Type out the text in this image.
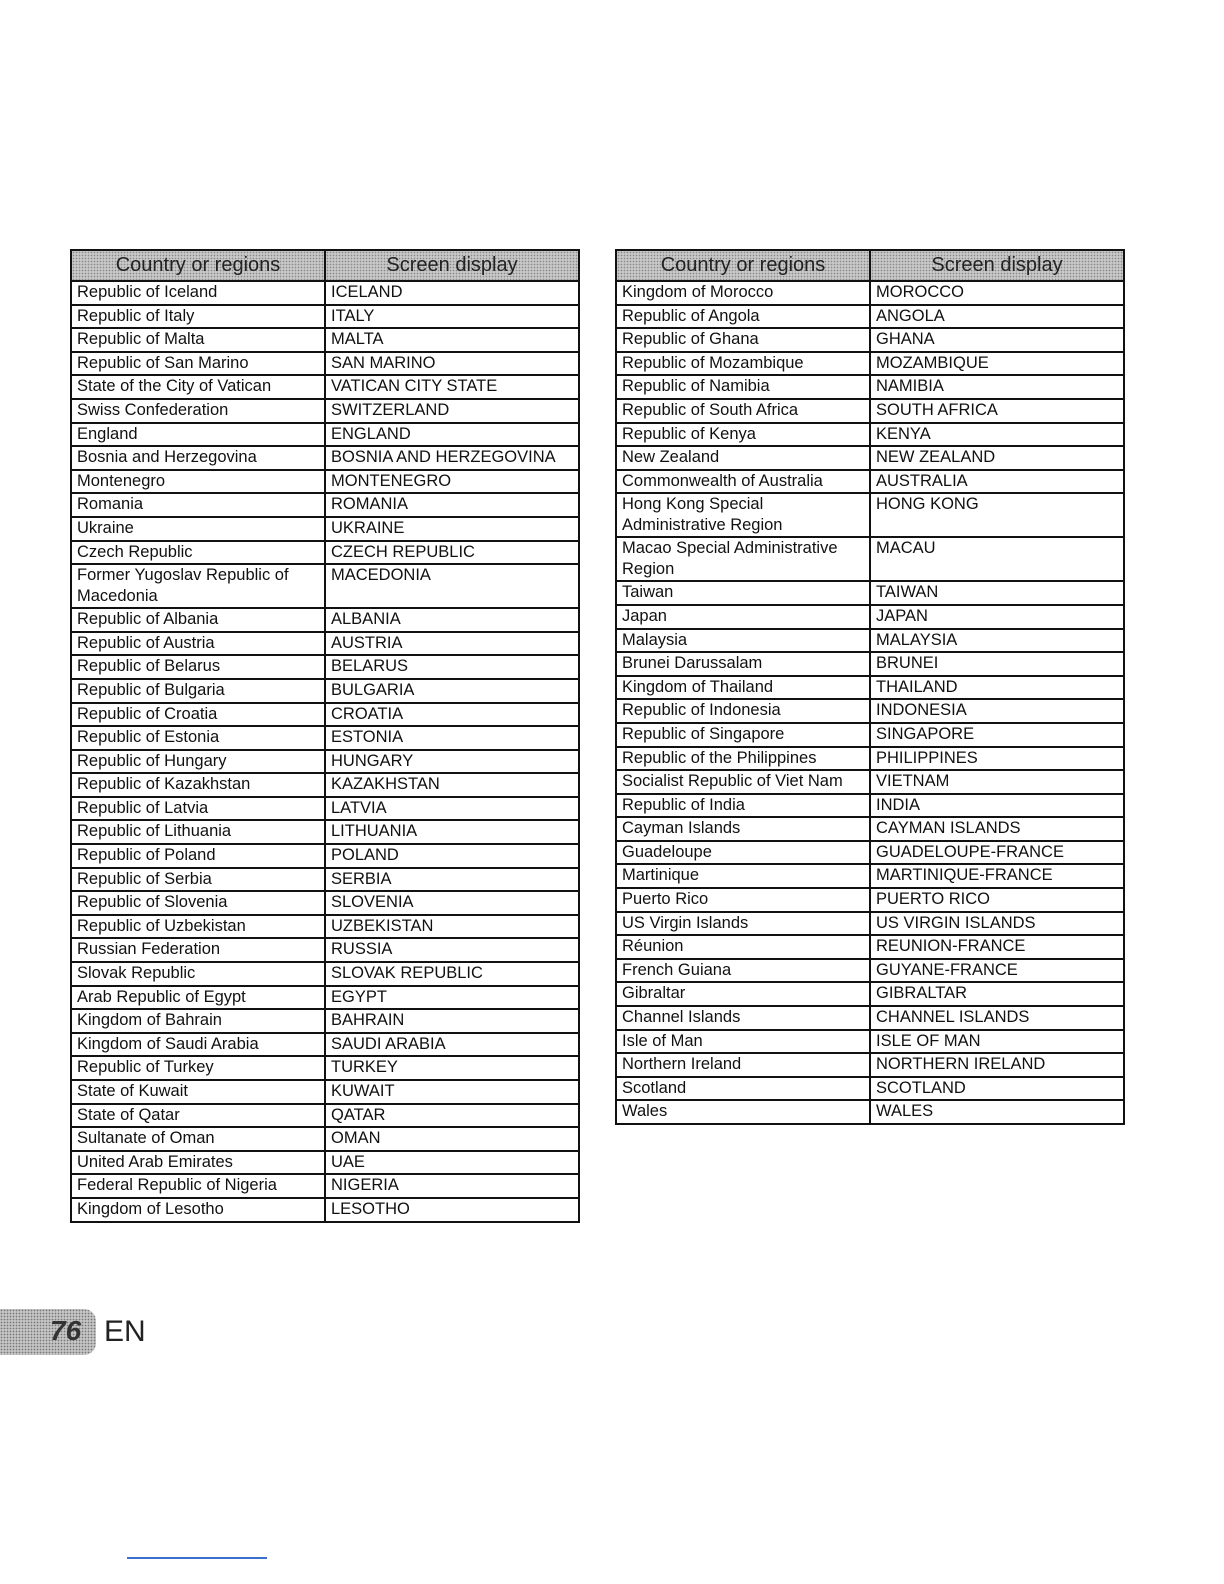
Country or regions	Screen display
Republic of Iceland	ICELAND
Republic of Italy	ITALY
Republic of Malta	MALTA
Republic of San Marino	SAN MARINO
State of the City of Vatican	VATICAN CITY STATE
Swiss Confederation	SWITZERLAND
England	ENGLAND
Bosnia and Herzegovina	BOSNIA AND HERZEGOVINA
Montenegro	MONTENEGRO
Romania	ROMANIA
Ukraine	UKRAINE
Czech Republic	CZECH REPUBLIC
Former Yugoslav Republic of Macedonia	MACEDONIA
Republic of Albania	ALBANIA
Republic of Austria	AUSTRIA
Republic of Belarus	BELARUS
Republic of Bulgaria	BULGARIA
Republic of Croatia	CROATIA
Republic of Estonia	ESTONIA
Republic of Hungary	HUNGARY
Republic of Kazakhstan	KAZAKHSTAN
Republic of Latvia	LATVIA
Republic of Lithuania	LITHUANIA
Republic of Poland	POLAND
Republic of Serbia	SERBIA
Republic of Slovenia	SLOVENIA
Republic of Uzbekistan	UZBEKISTAN
Russian Federation	RUSSIA
Slovak Republic	SLOVAK REPUBLIC
Arab Republic of Egypt	EGYPT
Kingdom of Bahrain	BAHRAIN
Kingdom of Saudi Arabia	SAUDI ARABIA
Republic of Turkey	TURKEY
State of Kuwait	KUWAIT
State of Qatar	QATAR
Sultanate of Oman	OMAN
United Arab Emirates	UAE
Federal Republic of Nigeria	NIGERIA
Kingdom of Lesotho	LESOTHO
Country or regions	Screen display
Kingdom of Morocco	MOROCCO
Republic of Angola	ANGOLA
Republic of Ghana	GHANA
Republic of Mozambique	MOZAMBIQUE
Republic of Namibia	NAMIBIA
Republic of South Africa	SOUTH AFRICA
Republic of Kenya	KENYA
New Zealand	NEW ZEALAND
Commonwealth of Australia	AUSTRALIA
Hong Kong Special Administrative Region	HONG KONG
Macao Special Administrative Region	MACAU
Taiwan	TAIWAN
Japan	JAPAN
Malaysia	MALAYSIA
Brunei Darussalam	BRUNEI
Kingdom of Thailand	THAILAND
Republic of Indonesia	INDONESIA
Republic of Singapore	SINGAPORE
Republic of the Philippines	PHILIPPINES
Socialist Republic of Viet Nam	VIETNAM
Republic of India	INDIA
Cayman Islands	CAYMAN ISLANDS
Guadeloupe	GUADELOUPE-FRANCE
Martinique	MARTINIQUE-FRANCE
Puerto Rico	PUERTO RICO
US Virgin Islands	US VIRGIN ISLANDS
Réunion	REUNION-FRANCE
French Guiana	GUYANE-FRANCE
Gibraltar	GIBRALTAR
Channel Islands	CHANNEL ISLANDS
Isle of Man	ISLE OF MAN
Northern Ireland	NORTHERN IRELAND
Scotland	SCOTLAND
Wales	WALES
76 EN
